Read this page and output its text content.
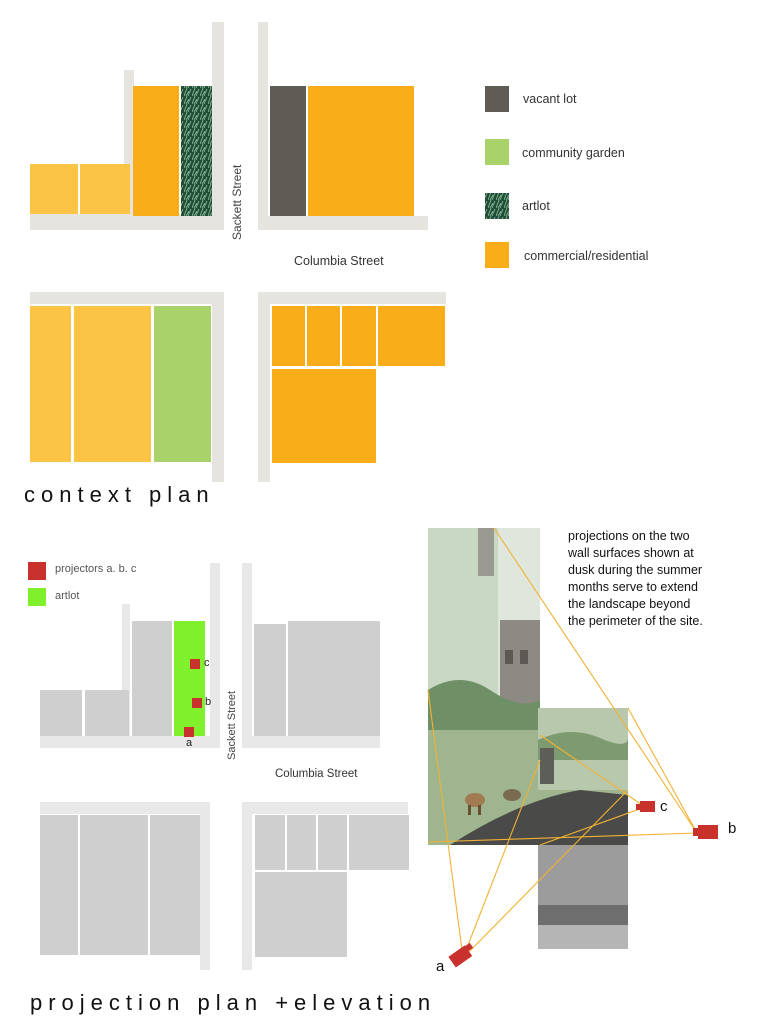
Sackett Street
Columbia Street
vacant lot
community garden
artlot
commercial/residential
context plan
projectors a. b. c
artlot
c
b
a	Sackett Street
Columbia Street
projections on the two
wall surfaces shown at
dusk during the summer
months serve to extend
the landscape beyond
the perimeter of the site.
c
b
a
projection plan +elevation
